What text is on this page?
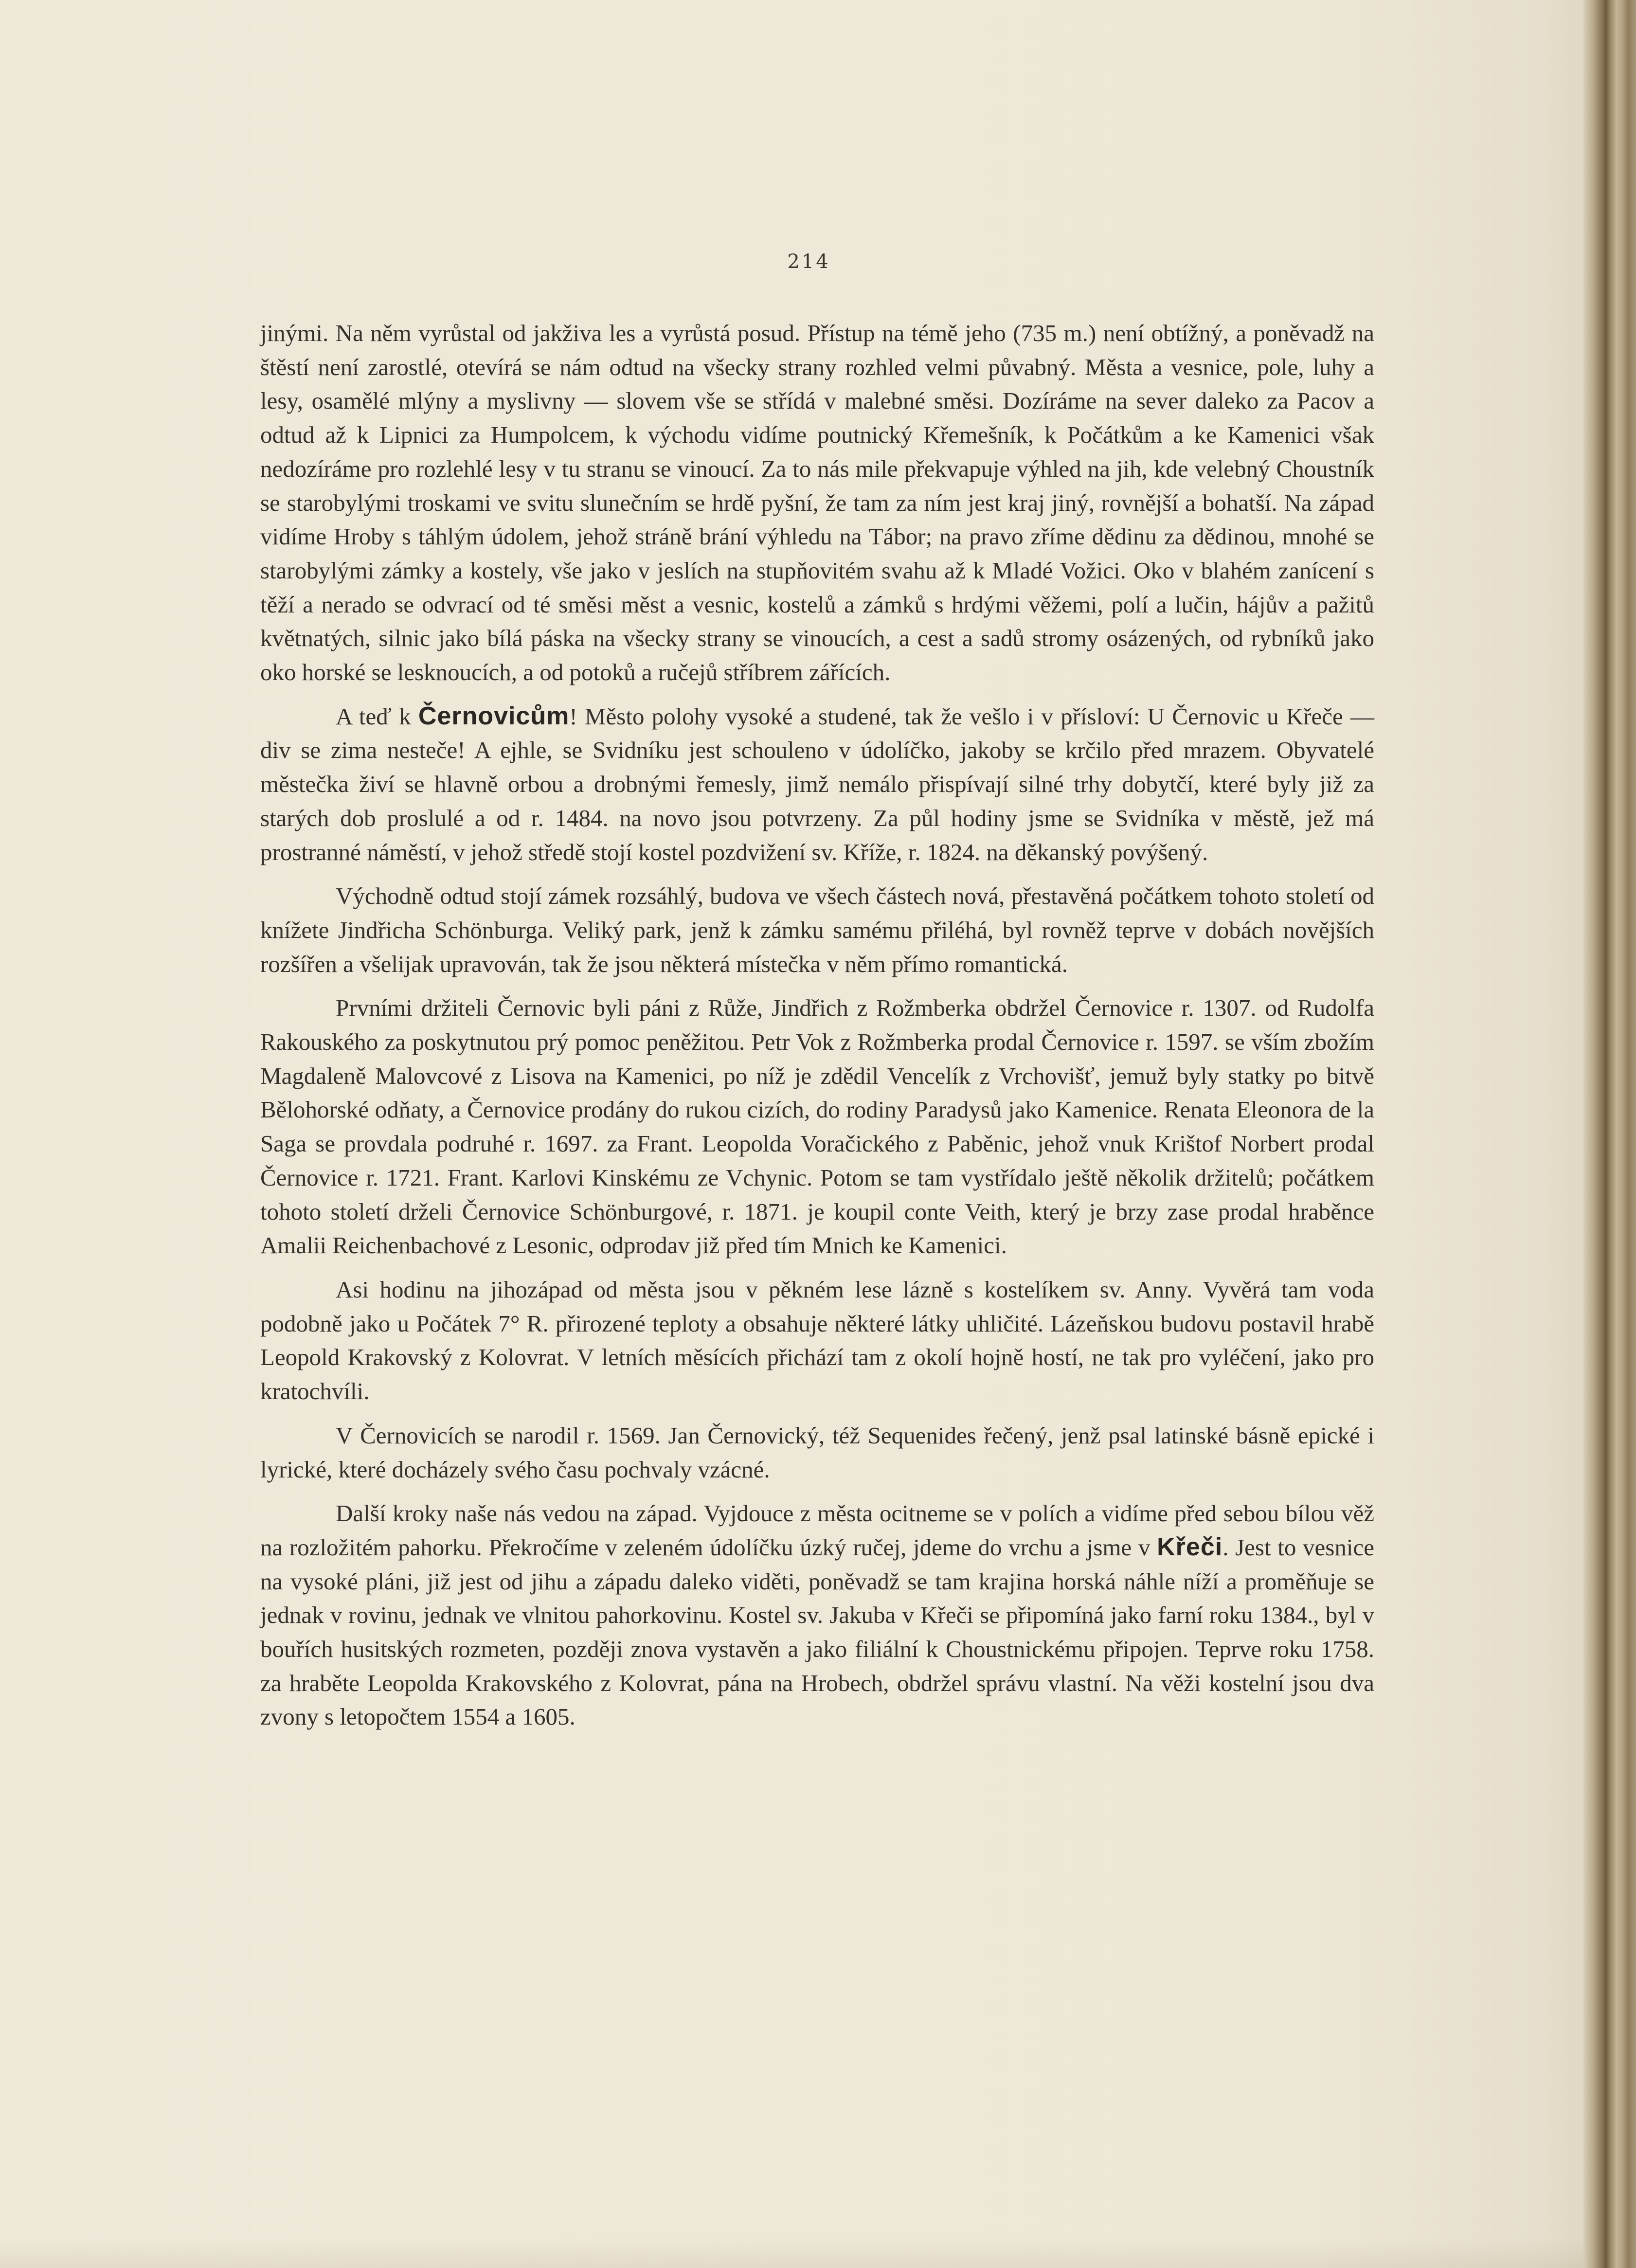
214

jinými. Na něm vyrůstal od jakživa les a vyrůstá posud. Přístup na témě jeho (735 m.) není obtížný, a poněvadž na štěstí není zarostlé, otevírá se nám odtud na všecky strany rozhled velmi půvabný. Města a vesnice, pole, luhy a lesy, osamělé mlýny a myslivny — slovem vše se střídá v malebné směsi. Dozíráme na sever daleko za Pacov a odtud až k Lipnici za Humpolcem, k východu vidíme poutnický Křemešník, k Počátkům a ke Kamenici však nedozíráme pro rozlehlé lesy v tu stranu se vinoucí. Za to nás mile překvapuje výhled na jih, kde velebný Choustník se starobylými troskami ve svitu slunečním se hrdě pyšní, že tam za ním jest kraj jiný, rovnější a bohatší. Na západ vidíme Hroby s táhlým údolem, jehož stráně brání výhledu na Tábor; na pravo zříme dědinu za dědinou, mnohé se starobylými zámky a kostely, vše jako v jeslích na stupňovitém svahu až k Mladé Vožici. Oko v blahém zanícení s těží a nerado se odvrací od té směsi měst a vesnic, kostelů a zámků s hrdými věžemi, polí a lučin, hájův a pažitů květnatých, silnic jako bílá páska na všecky strany se vinoucích, a cest a sadů stromy osázených, od rybníků jako oko horské se lesknoucích, a od potoků a ručejů stříbrem zářících.

A teď k Černovicům! Město polohy vysoké a studené, tak že vešlo i v přísloví: U Černovic u Křeče — div se zima nesteče! A ejhle, se Svidníku jest schouleno v údolíčko, jakoby se krčilo před mrazem. Obyvatelé městečka živí se hlavně orbou a drobnými řemesly, jimž nemálo přispívají silné trhy dobytčí, které byly již za starých dob proslulé a od r. 1484. na novo jsou potvrzeny. Za půl hodiny jsme se Svidníka v městě, jež má prostranné náměstí, v jehož středě stojí kostel pozdvižení sv. Kříže, r. 1824. na děkanský povýšený.

Východně odtud stojí zámek rozsáhlý, budova ve všech částech nová, přestavěná počátkem tohoto století od knížete Jindřicha Schönburga. Veliký park, jenž k zámku samému přiléhá, byl rovněž teprve v dobách novějších rozšířen a všelijak upravován, tak že jsou některá místečka v něm přímo romantická.

Prvními držiteli Černovic byli páni z Růže, Jindřich z Rožmberka obdržel Černovice r. 1307. od Rudolfa Rakouského za poskytnutou prý pomoc peněžitou. Petr Vok z Rožmberka prodal Černovice r. 1597. se vším zbožím Magdaleně Malovcové z Lisova na Kamenici, po níž je zdědil Vencelík z Vrchovišť, jemuž byly statky po bitvě Bělohorské odňaty, a Černovice prodány do rukou cizích, do rodiny Paradysů jako Kamenice. Renata Eleonora de la Saga se provdala podruhé r. 1697. za Frant. Leopolda Voračického z Paběnic, jehož vnuk Krištof Norbert prodal Černovice r. 1721. Frant. Karlovi Kinskému ze Vchynic. Potom se tam vystřídalo ještě několik držitelů; počátkem tohoto století drželi Černovice Schönburgové, r. 1871. je koupil conte Veith, který je brzy zase prodal hraběnce Amalii Reichenbachové z Lesonic, odprodav již před tím Mnich ke Kamenici.

Asi hodinu na jihozápad od města jsou v pěkném lese lázně s kostelíkem sv. Anny. Vyvěrá tam voda podobně jako u Počátek 7° R. přirozené teploty a obsahuje některé látky uhličité. Lázeňskou budovu postavil hrabě Leopold Krakovský z Kolovrat. V letních měsících přichází tam z okolí hojně hostí, ne tak pro vyléčení, jako pro kratochvíli.

V Černovicích se narodil r. 1569. Jan Černovický, též Sequenides řečený, jenž psal latinské básně epické i lyrické, které docházely svého času pochvaly vzácné.

Další kroky naše nás vedou na západ. Vyjdouce z města ocitneme se v polích a vidíme před sebou bílou věž na rozložitém pahorku. Překročíme v zeleném údolíčku úzký ručej, jdeme do vrchu a jsme v Křeči. Jest to vesnice na vysoké pláni, již jest od jihu a západu daleko viděti, poněvadž se tam krajina horská náhle níží a proměňuje se jednak v rovinu, jednak ve vlnitou pahorkovinu. Kostel sv. Jakuba v Křeči se připomíná jako farní roku 1384., byl v bouřích husitských rozmeten, později znova vystavěn a jako filiální k Choustnickému připojen. Teprve roku 1758. za hraběte Leopolda Krakovského z Kolovrat, pána na Hrobech, obdržel správu vlastní. Na věži kostelní jsou dva zvony s letopočtem 1554 a 1605.
